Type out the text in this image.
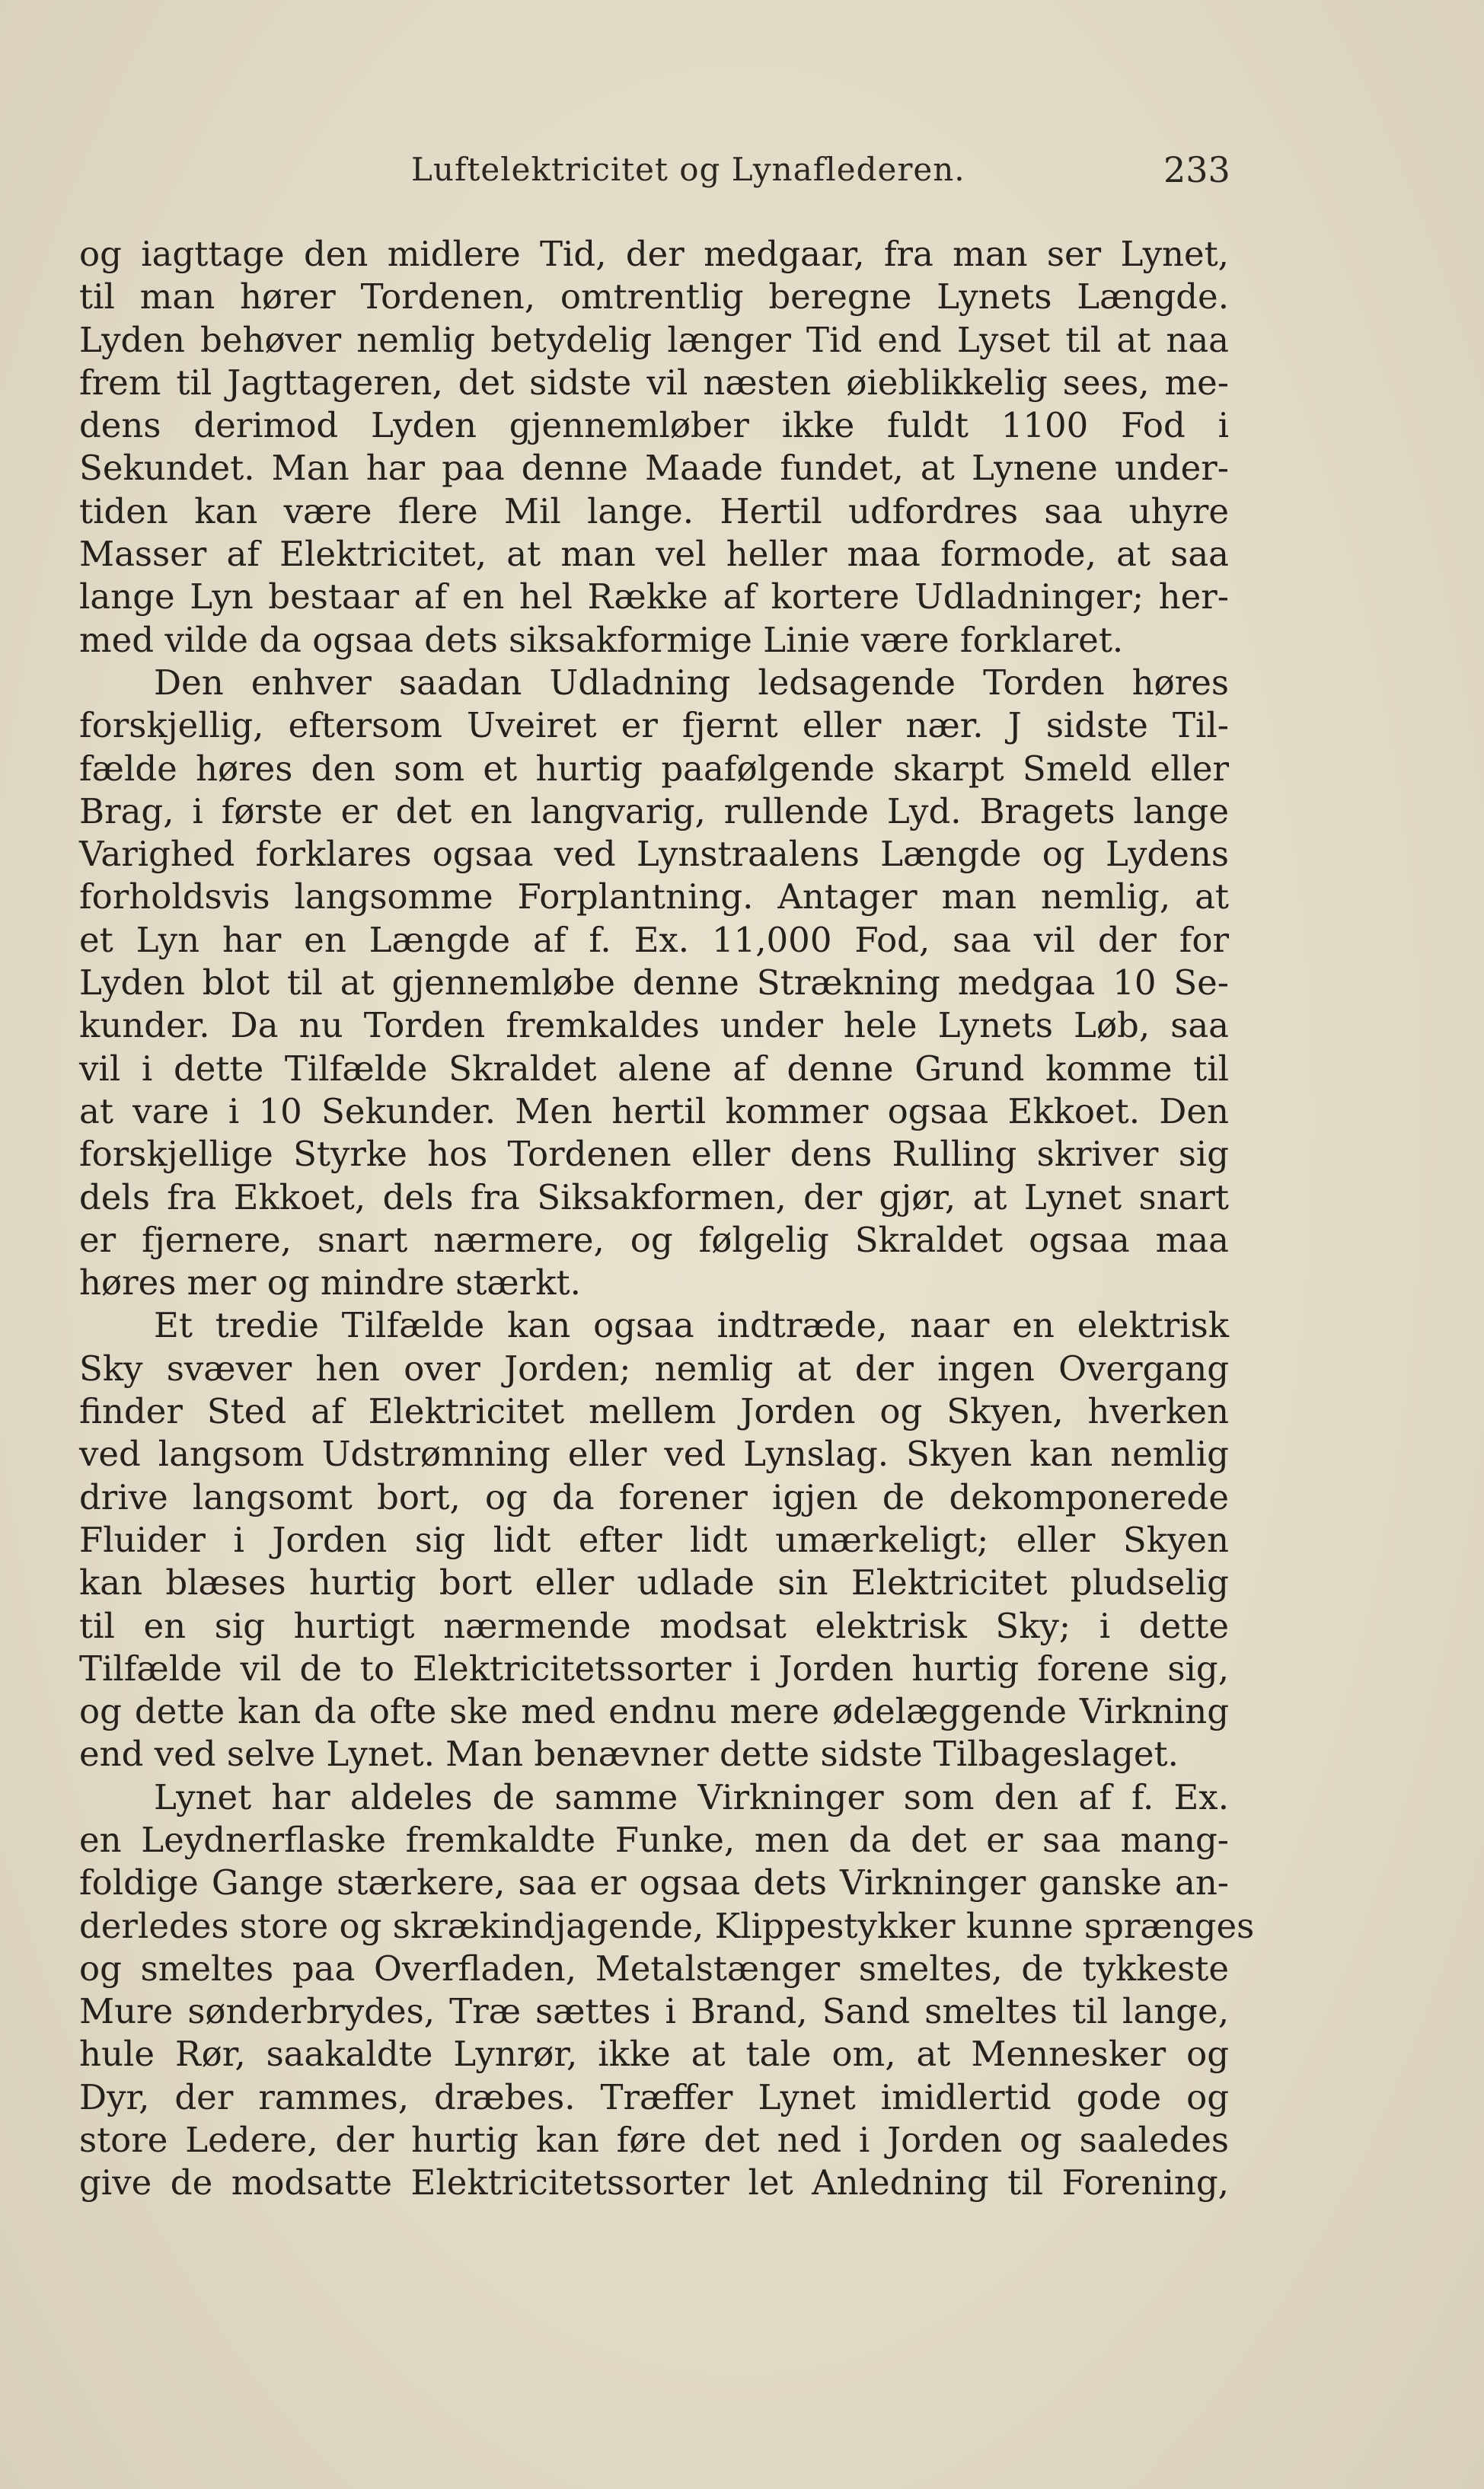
Luftelektricitet og Lynaflederen.	233
og iagttage den midlere Tid, der medgaar, fra man ser Lynet,
til man hører Tordenen, omtrentlig beregne Lynets Længde.
Lyden behøver nemlig betydelig længer Tid end Lyset til at naa
frem til Jagttageren, det sidste vil næsten øieblikkelig sees, me-
dens derimod Lyden gjennemløber ikke fuldt 1100 Fod i
Sekundet. Man har paa denne Maade fundet, at Lynene under-
tiden kan være flere Mil lange. Hertil udfordres saa uhyre
Masser af Elektricitet, at man vel heller maa formode, at saa
lange Lyn bestaar af en hel Række af kortere Udladninger; her-
med vilde da ogsaa dets siksakformige Linie være forklaret.
Den enhver saadan Udladning ledsagende Torden høres
forskjellig, eftersom Uveiret er fjernt eller nær. J sidste Til-
fælde høres den som et hurtig paafølgende skarpt Smeld eller
Brag, i første er det en langvarig, rullende Lyd. Bragets lange
Varighed forklares ogsaa ved Lynstraalens Længde og Lydens
forholdsvis langsomme Forplantning. Antager man nemlig, at
et Lyn har en Længde af f. Ex. 11,000 Fod, saa vil der for
Lyden blot til at gjennemløbe denne Strækning medgaa 10 Se-
kunder. Da nu Torden fremkaldes under hele Lynets Løb, saa
vil i dette Tilfælde Skraldet alene af denne Grund komme til
at vare i 10 Sekunder. Men hertil kommer ogsaa Ekkoet. Den
forskjellige Styrke hos Tordenen eller dens Rulling skriver sig
dels fra Ekkoet, dels fra Siksakformen, der gjør, at Lynet snart
er fjernere, snart nærmere, og følgelig Skraldet ogsaa maa
høres mer og mindre stærkt.
Et tredie Tilfælde kan ogsaa indtræde, naar en elektrisk
Sky svæver hen over Jorden; nemlig at der ingen Overgang
finder Sted af Elektricitet mellem Jorden og Skyen, hverken
ved langsom Udstrømning eller ved Lynslag. Skyen kan nemlig
drive langsomt bort, og da forener igjen de dekomponerede
Fluider i Jorden sig lidt efter lidt umærkeligt; eller Skyen
kan blæses hurtig bort eller udlade sin Elektricitet pludselig
til en sig hurtigt nærmende modsat elektrisk Sky; i dette
Tilfælde vil de to Elektricitetssorter i Jorden hurtig forene sig,
og dette kan da ofte ske med endnu mere ødelæggende Virkning
end ved selve Lynet. Man benævner dette sidste Tilbageslaget.
Lynet har aldeles de samme Virkninger som den af f. Ex.
en Leydnerflaske fremkaldte Funke, men da det er saa mang-
foldige Gange stærkere, saa er ogsaa dets Virkninger ganske an-
derledes store og skrækindjagende, Klippestykker kunne sprænges
og smeltes paa Overfladen, Metalstænger smeltes, de tykkeste
Mure sønderbrydes, Træ sættes i Brand, Sand smeltes til lange,
hule Rør, saakaldte Lynrør, ikke at tale om, at Mennesker og
Dyr, der rammes, dræbes. Træffer Lynet imidlertid gode og
store Ledere, der hurtig kan føre det ned i Jorden og saaledes
give de modsatte Elektricitetssorter let Anledning til Forening,
